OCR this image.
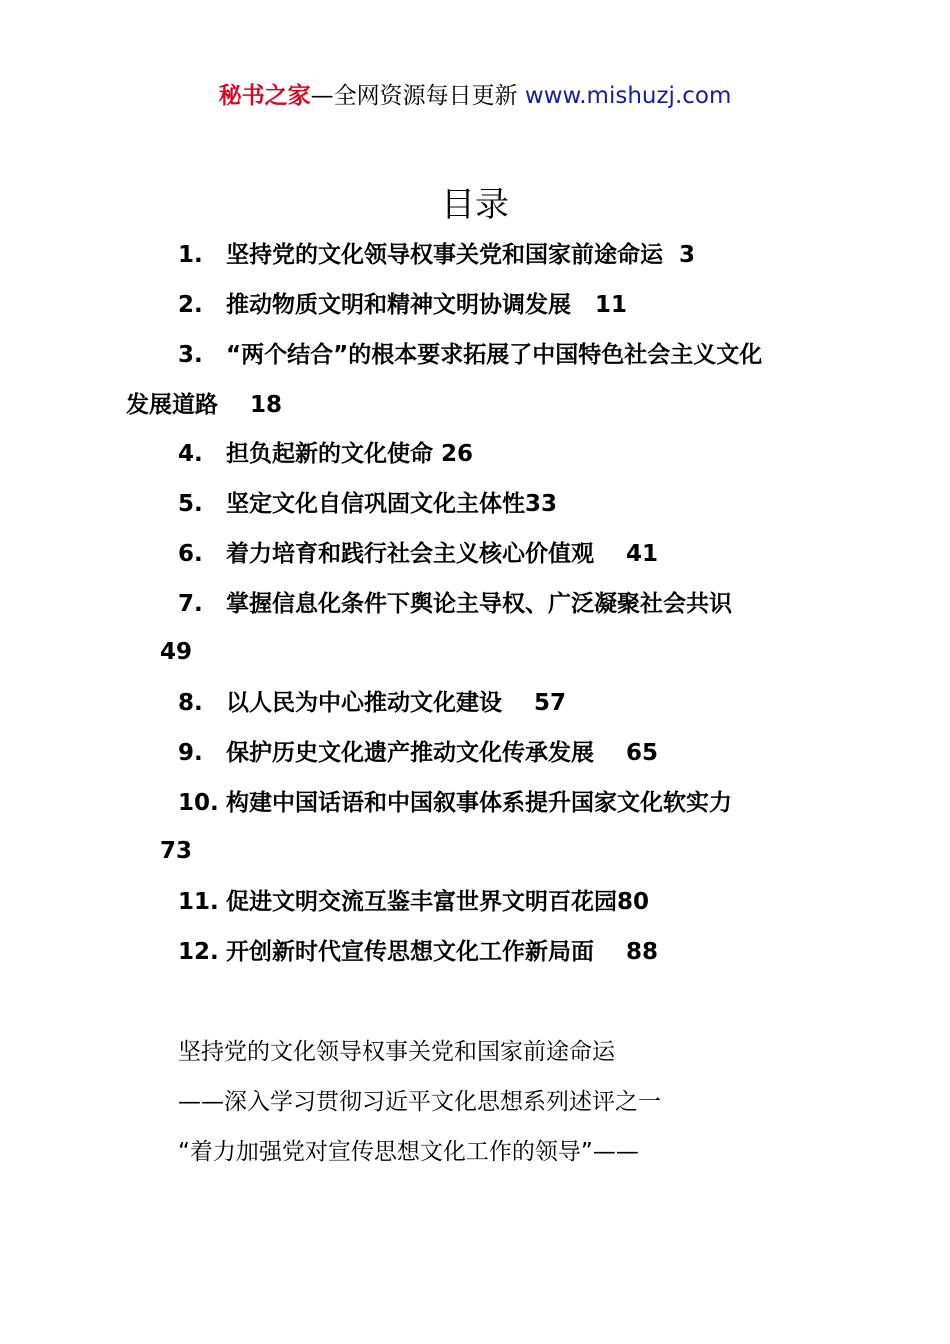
秘书之家—全网资源每日更新 www.mishuzj.com
目录
1. 坚持党的文化领导权事关党和国家前途命运 3
2. 推动物质文明和精神文明协调发展 11
3. “两个结合”的根本要求拓展了中国特色社会主义文化
发展道路 18
4. 担负起新的文化使命 26
5. 坚定文化自信巩固文化主体性33
6. 着力培育和践行社会主义核心价值观 41
7. 掌握信息化条件下舆论主导权、广泛凝聚社会共识
49
8. 以人民为中心推动文化建设 57
9. 保护历史文化遗产推动文化传承发展 65
10. 构建中国话语和中国叙事体系提升国家文化软实力
73
11. 促进文明交流互鉴丰富世界文明百花园80
12. 开创新时代宣传思想文化工作新局面 88
坚持党的文化领导权事关党和国家前途命运
——深入学习贯彻习近平文化思想系列述评之一
“着力加强党对宣传思想文化工作的领导”——
